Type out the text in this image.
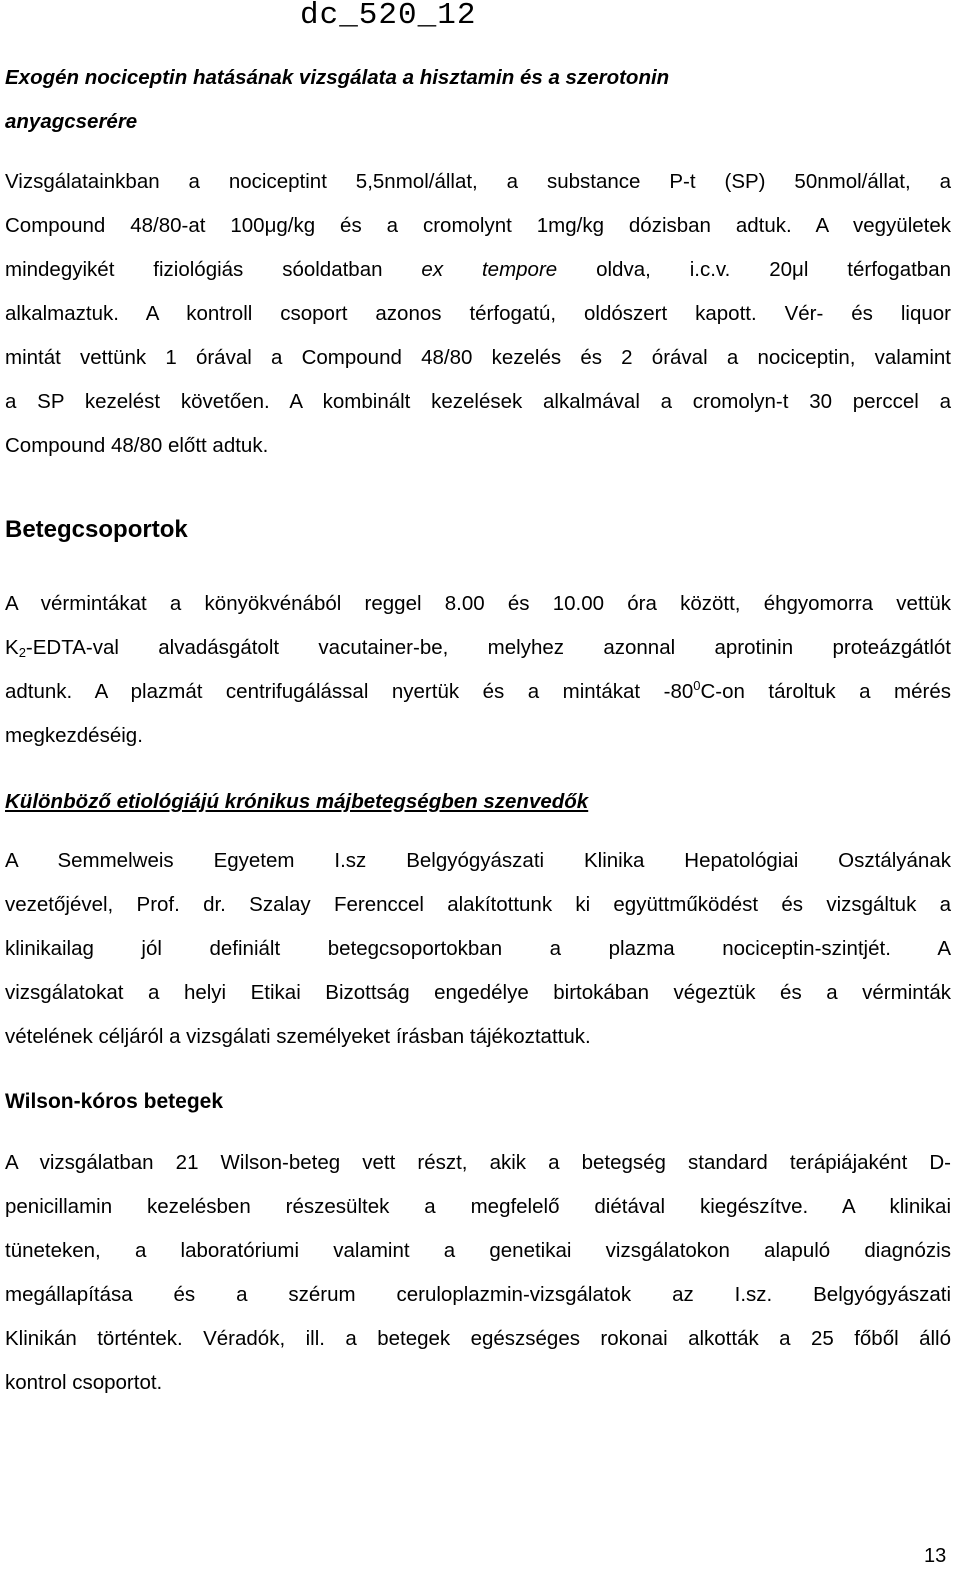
dc_520_12
Exogén nociceptin hatásának vizsgálata a hisztamin és a szerotonin
anyagcserére
Vizsgálatainkban a nociceptint 5,5nmol/állat, a substance P-t (SP) 50nmol/állat, a
Compound 48/80-at 100μg/kg és a cromolynt 1mg/kg dózisban adtuk. A vegyületek
mindegyikét fiziológiás sóoldatban ex tempore oldva, i.c.v. 20μl térfogatban
alkalmaztuk. A kontroll csoport azonos térfogatú, oldószert kapott. Vér- és liquor
mintát vettünk 1 órával a Compound 48/80 kezelés és 2 órával a nociceptin, valamint
a SP kezelést követően. A kombinált kezelések alkalmával a cromolyn-t 30 perccel a
Compound 48/80 előtt adtuk.
Betegcsoportok
A vérmintákat a könyökvénából reggel 8.00 és 10.00 óra között, éhgyomorra vettük
$K_2-EDTA$-val alvadásgátolt vacutainer-be, melyhez azonnal aprotinin proteázgátlót
adtunk. A plazmát centrifugálással nyertük és a mintákat $-80^0C-on$ tároltuk a mérés
megkezdéséig.
Különböző etiológiájú krónikus májbetegségben szenvedők
A Semmelweis Egyetem I.sz Belgyógyászati Klinika Hepatológiai Osztályának
vezetőjével, Prof. dr. Szalay Ferenccel alakítottunk ki együttműködést és vizsgáltuk a
klinikailag jól definiált betegcsoportokban a plazma nociceptin-szintjét. A
vizsgálatokat a helyi Etikai Bizottság engedélye birtokában végeztük és a vérminták
vételének céljáról a vizsgálati személyeket írásban tájékoztattuk.
Wilson-kóros betegek
A vizsgálatban 21 Wilson-beteg vett részt, akik a betegség standard terápiájaként D-
penicillamin kezelésben részesültek a megfelelő diétával kiegészítve. A klinikai
tüneteken, a laboratóriumi valamint a genetikai vizsgálatokon alapuló diagnózis
megállapítása és a szérum ceruloplazmin-vizsgálatok az I.sz. Belgyógyászati
Klinikán történtek. Véradók, ill. a betegek egészséges rokonai alkották a 25 főből álló
kontrol csoportot.
13
